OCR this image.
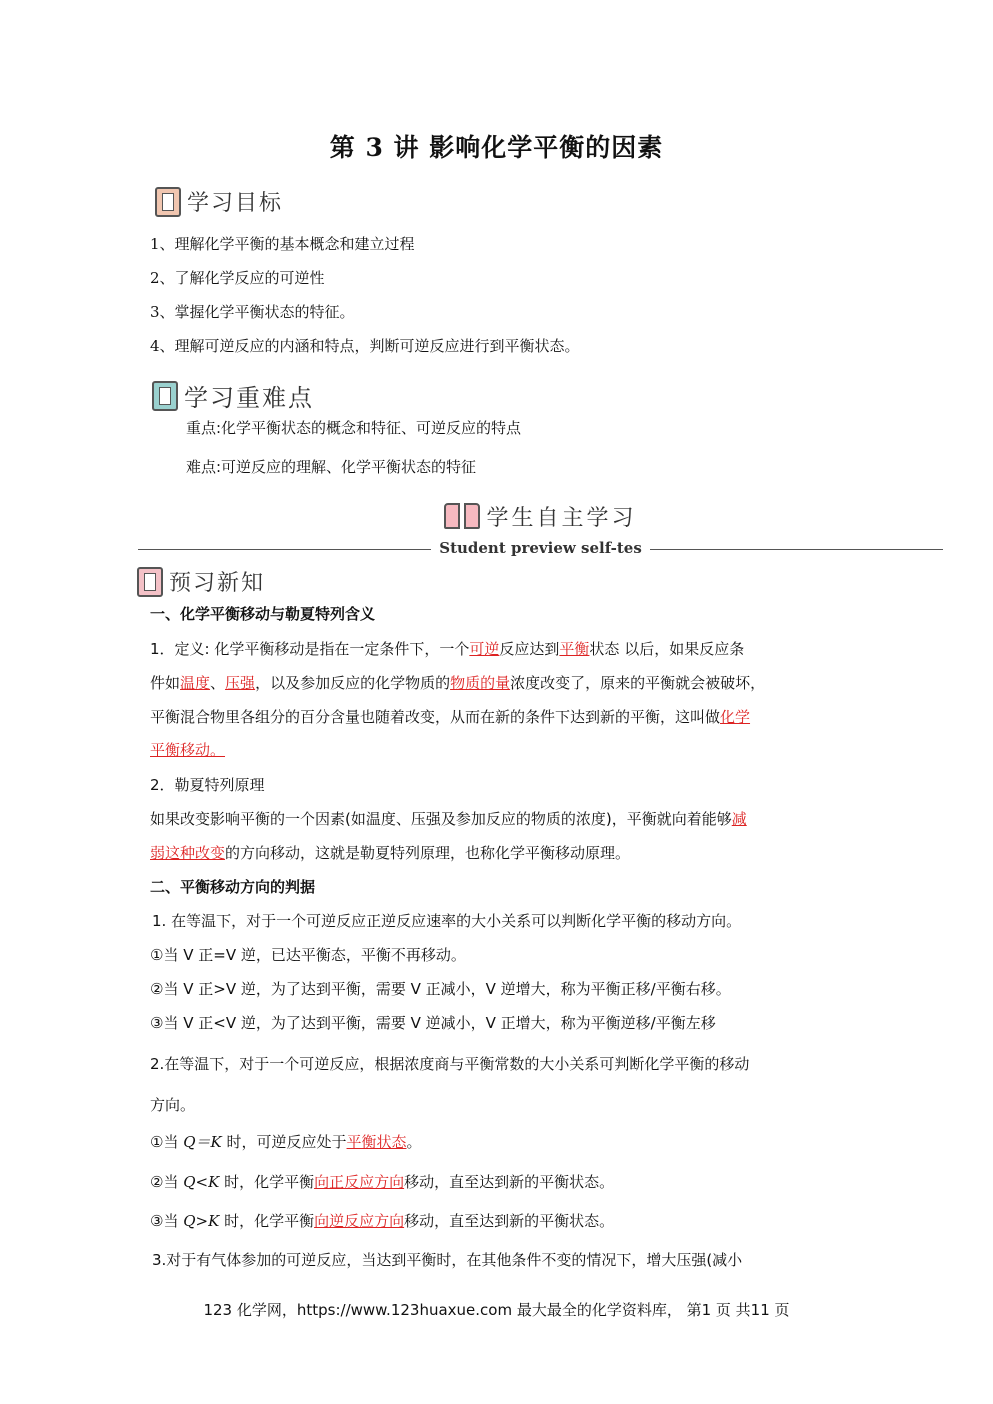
第 3 讲 影响化学平衡的因素
学习目标
1、理解化学平衡的基本概念和建立过程
2、了解化学反应的可逆性
3、掌握化学平衡状态的特征。
4、理解可逆反应的内涵和特点，判断可逆反应进行到平衡状态。
学习重难点
重点:化学平衡状态的概念和特征、可逆反应的特点
难点:可逆反应的理解、化学平衡状态的特征
学生自主学习
Student preview self-tes
预习新知
一、化学平衡移动与勒夏特列含义
1．定义: 化学平衡移动是指在一定条件下，一个可逆反应达到平衡状态 以后，如果反应条
件如温度、压强，以及参加反应的化学物质的物质的量浓度改变了，原来的平衡就会被破坏，
平衡混合物里各组分的百分含量也随着改变，从而在新的条件下达到新的平衡，这叫做化学
平衡移动。
2．勒夏特列原理
如果改变影响平衡的一个因素(如温度、压强及参加反应的物质的浓度)，平衡就向着能够减
弱这种改变的方向移动，这就是勒夏特列原理，也称化学平衡移动原理。
二、平衡移动方向的判据
1. 在等温下，对于一个可逆反应正逆反应速率的大小关系可以判断化学平衡的移动方向。
①当 V 正=V 逆，已达平衡态，平衡不再移动。
②当 V 正>V 逆，为了达到平衡，需要 V 正减小，V 逆增大，称为平衡正移/平衡右移。
③当 V 正<V 逆，为了达到平衡，需要 V 逆减小，V 正增大，称为平衡逆移/平衡左移
2.在等温下，对于一个可逆反应，根据浓度商与平衡常数的大小关系可判断化学平衡的移动
方向。
①当 Q＝K 时，可逆反应处于平衡状态。
②当 Q<K 时，化学平衡向正反应方向移动，直至达到新的平衡状态。
③当 Q>K 时，化学平衡向逆反应方向移动，直至达到新的平衡状态。
3.对于有气体参加的可逆反应，当达到平衡时，在其他条件不变的情况下，增大压强(减小
123 化学网，https://www.123huaxue.com 最大最全的化学资料库， 第1 页 共11 页
